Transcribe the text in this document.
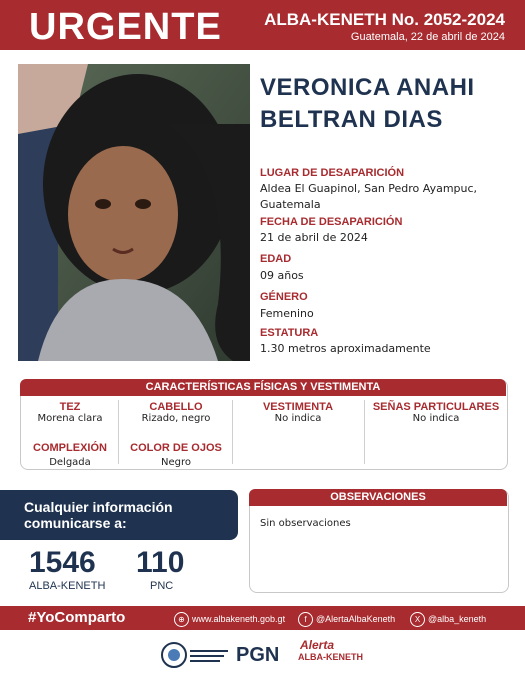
URGENTE ALBA-KENETH No. 2052-2024
Guatemala, 22 de abril de 2024
VERONICA ANAHI
BELTRAN DIAS
LUGAR DE DESAPARICIÓN
Aldea El Guapinol, San Pedro Ayampuc,
Guatemala
FECHA DE DESAPARICIÓN
21 de abril de 2024
EDAD
09 años
GÉNERO
Femenino
ESTATURA
1.30 metros aproximadamente
CARACTERÍSTICAS FÍSICAS Y VESTIMENTA
TEZ
Morena clara
CABELLO
Rizado, negro
VESTIMENTA
No indica
SEÑAS PARTICULARES
No indica
COMPLEXIÓN
Delgada
COLOR DE OJOS
Negro
Cualquier información
comunicarse a:
1546
ALBA-KENETH
110
PNC
OBSERVACIONES
Sin observaciones
#YoComparto	⊕ www.albakeneth.gob.gt	f @AlertaAlbaKeneth	X @alba_keneth
PGN Alerta
ALBA-KENETH
